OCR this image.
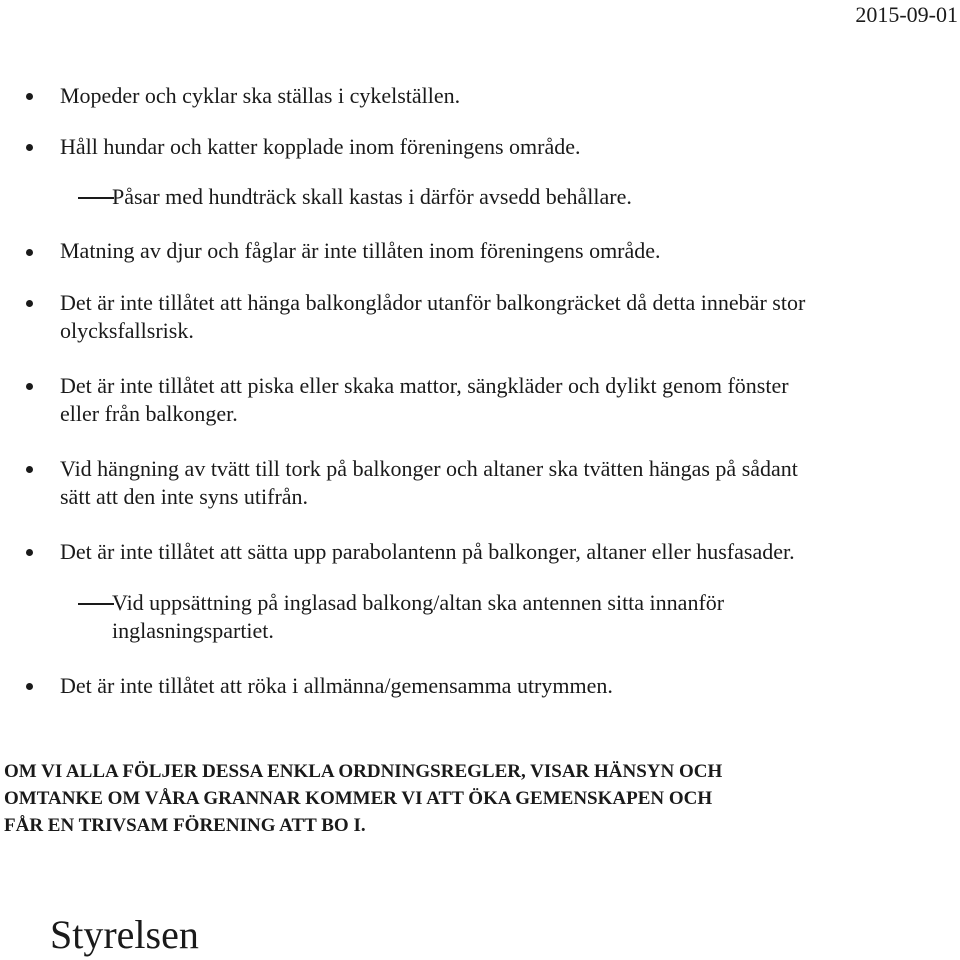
2015-09-01
Mopeder och cyklar ska ställas i cykelställen.
Håll hundar och katter kopplade inom föreningens område.
Påsar med hundträck skall kastas i därför avsedd behållare.
Matning av djur och fåglar är inte tillåten inom föreningens område.
Det är inte tillåtet att hänga balkonglådor utanför balkongräcket då detta innebär stor
olycksfallsrisk.
Det är inte tillåtet att piska eller skaka mattor, sängkläder och dylikt genom fönster
eller från balkonger.
Vid hängning av tvätt till tork på balkonger och altaner ska tvätten hängas på sådant
sätt att den inte syns utifrån.
Det är inte tillåtet att sätta upp parabolantenn på balkonger, altaner eller husfasader.
Vid uppsättning på inglasad balkong/altan ska antennen sitta innanför
inglasningspartiet.
Det är inte tillåtet att röka i allmänna/gemensamma utrymmen.
OM VI ALLA FÖLJER DESSA ENKLA ORDNINGSREGLER, VISAR HÄNSYN OCH
OMTANKE OM VÅRA GRANNAR KOMMER VI ATT ÖKA GEMENSKAPEN OCH
FÅR EN TRIVSAM FÖRENING ATT BO I.
Styrelsen
